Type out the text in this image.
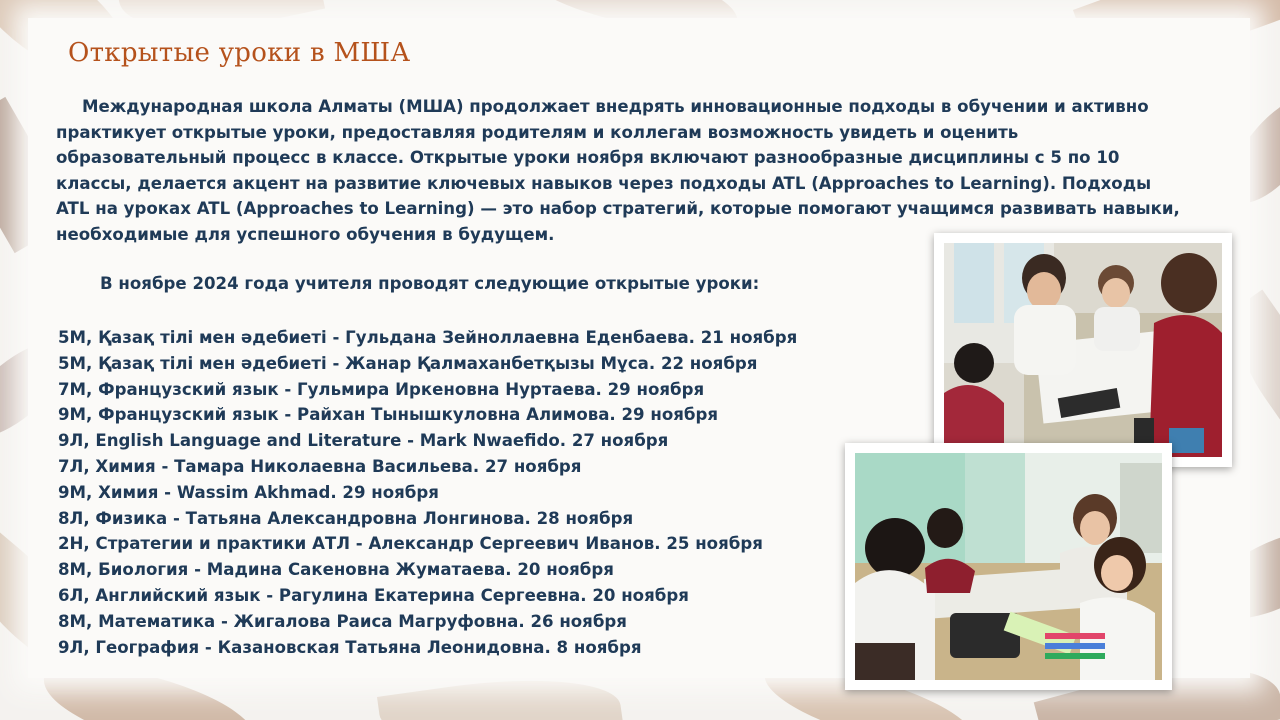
Открытые уроки в МША

Международная школа Алматы (МША) продолжает внедрять инновационные подходы в обучении и активно практикует открытые уроки, предоставляя родителям и коллегам возможность увидеть и оценить образовательный процесс в классе. Открытые уроки ноября включают разнообразные дисциплины с 5 по 10 классы, делается акцент на развитие ключевых навыков через подходы ATL (Approaches to Learning). Подходы ATL на уроках ATL (Approaches to Learning) — это набор стратегий, которые помогают учащимся развивать навыки, необходимые для успешного обучения в будущем.

В ноябре 2024 года учителя проводят следующие открытые уроки:

5М, Қазақ тілі мен әдебиеті - Гульдана Зейноллаевна Еденбаева. 21 ноября
5М, Қазақ тілі мен әдебиеті - Жанар Қалмаханбетқызы Мұса. 22 ноября
7М, Французский язык - Гульмира Иркеновна Нуртаева. 29 ноября
9М, Французский язык - Райхан Тынышкуловна Алимова. 29 ноября
9Л, English Language and Literature - Mark Nwaefido. 27 ноября
7Л, Химия - Тамара Николаевна Васильева. 27 ноября
9М, Химия - Wassim Akhmad. 29 ноября
8Л, Физика - Татьяна Александровна Лонгинова. 28 ноября
2Н, Стратегии и практики АТЛ - Александр Сергеевич Иванов. 25 ноября
8М, Биология - Мадина Сакеновна Жуматаева. 20 ноября
6Л, Английский язык - Рагулина Екатерина Сергеевна. 20 ноября
8М, Математика - Жигалова Раиса Магруфовна. 26 ноября
9Л, География - Казановская Татьяна Леонидовна. 8 ноября
